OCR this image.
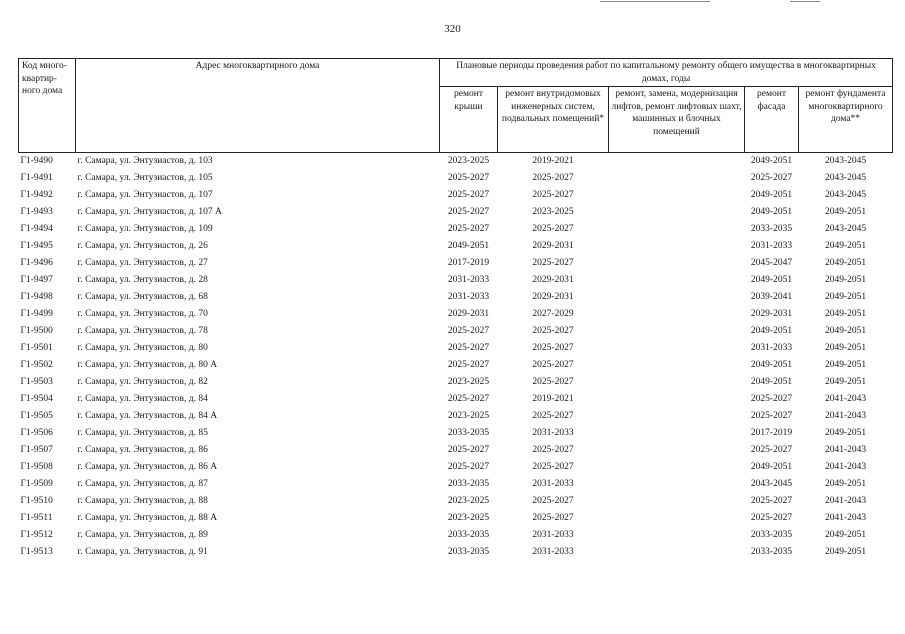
320
Код много-квартир-ного дома	Адрес многоквартирного дома	Плановые периоды проведения работ по капитальному ремонту общего имущества в многоквартирных домах, годы				
		ремонт крыши	ремонт внутридомовых инженерных систем, подвальных помещений*	ремонт, замена, модернизация лифтов, ремонт лифтовых шахт, машинных и блочных помещений	ремонт фасада	ремонт фундамента многоквартирного дома**
Г1-9490	г. Самара, ул. Энтузиастов, д. 103	2023-2025	2019-2021		2049-2051	2043-2045
Г1-9491	г. Самара, ул. Энтузиастов, д. 105	2025-2027	2025-2027		2025-2027	2043-2045
Г1-9492	г. Самара, ул. Энтузиастов, д. 107	2025-2027	2025-2027		2049-2051	2043-2045
Г1-9493	г. Самара, ул. Энтузиастов, д. 107 А	2025-2027	2023-2025		2049-2051	2049-2051
Г1-9494	г. Самара, ул. Энтузиастов, д. 109	2025-2027	2025-2027		2033-2035	2043-2045
Г1-9495	г. Самара, ул. Энтузиастов, д. 26	2049-2051	2029-2031		2031-2033	2049-2051
Г1-9496	г. Самара, ул. Энтузиастов, д. 27	2017-2019	2025-2027		2045-2047	2049-2051
Г1-9497	г. Самара, ул. Энтузиастов, д. 28	2031-2033	2029-2031		2049-2051	2049-2051
Г1-9498	г. Самара, ул. Энтузиастов, д. 68	2031-2033	2029-2031		2039-2041	2049-2051
Г1-9499	г. Самара, ул. Энтузиастов, д. 70	2029-2031	2027-2029		2029-2031	2049-2051
Г1-9500	г. Самара, ул. Энтузиастов, д. 78	2025-2027	2025-2027		2049-2051	2049-2051
Г1-9501	г. Самара, ул. Энтузиастов, д. 80	2025-2027	2025-2027		2031-2033	2049-2051
Г1-9502	г. Самара, ул. Энтузиастов, д. 80 А	2025-2027	2025-2027		2049-2051	2049-2051
Г1-9503	г. Самара, ул. Энтузиастов, д. 82	2023-2025	2025-2027		2049-2051	2049-2051
Г1-9504	г. Самара, ул. Энтузиастов, д. 84	2025-2027	2019-2021		2025-2027	2041-2043
Г1-9505	г. Самара, ул. Энтузиастов, д. 84 А	2023-2025	2025-2027		2025-2027	2041-2043
Г1-9506	г. Самара, ул. Энтузиастов, д. 85	2033-2035	2031-2033		2017-2019	2049-2051
Г1-9507	г. Самара, ул. Энтузиастов, д. 86	2025-2027	2025-2027		2025-2027	2041-2043
Г1-9508	г. Самара, ул. Энтузиастов, д. 86 А	2025-2027	2025-2027		2049-2051	2041-2043
Г1-9509	г. Самара, ул. Энтузиастов, д. 87	2033-2035	2031-2033		2043-2045	2049-2051
Г1-9510	г. Самара, ул. Энтузиастов, д. 88	2023-2025	2025-2027		2025-2027	2041-2043
Г1-9511	г. Самара, ул. Энтузиастов, д. 88 А	2023-2025	2025-2027		2025-2027	2041-2043
Г1-9512	г. Самара, ул. Энтузиастов, д. 89	2033-2035	2031-2033		2033-2035	2049-2051
Г1-9513	г. Самара, ул. Энтузиастов, д. 91	2033-2035	2031-2033		2033-2035	2049-2051
